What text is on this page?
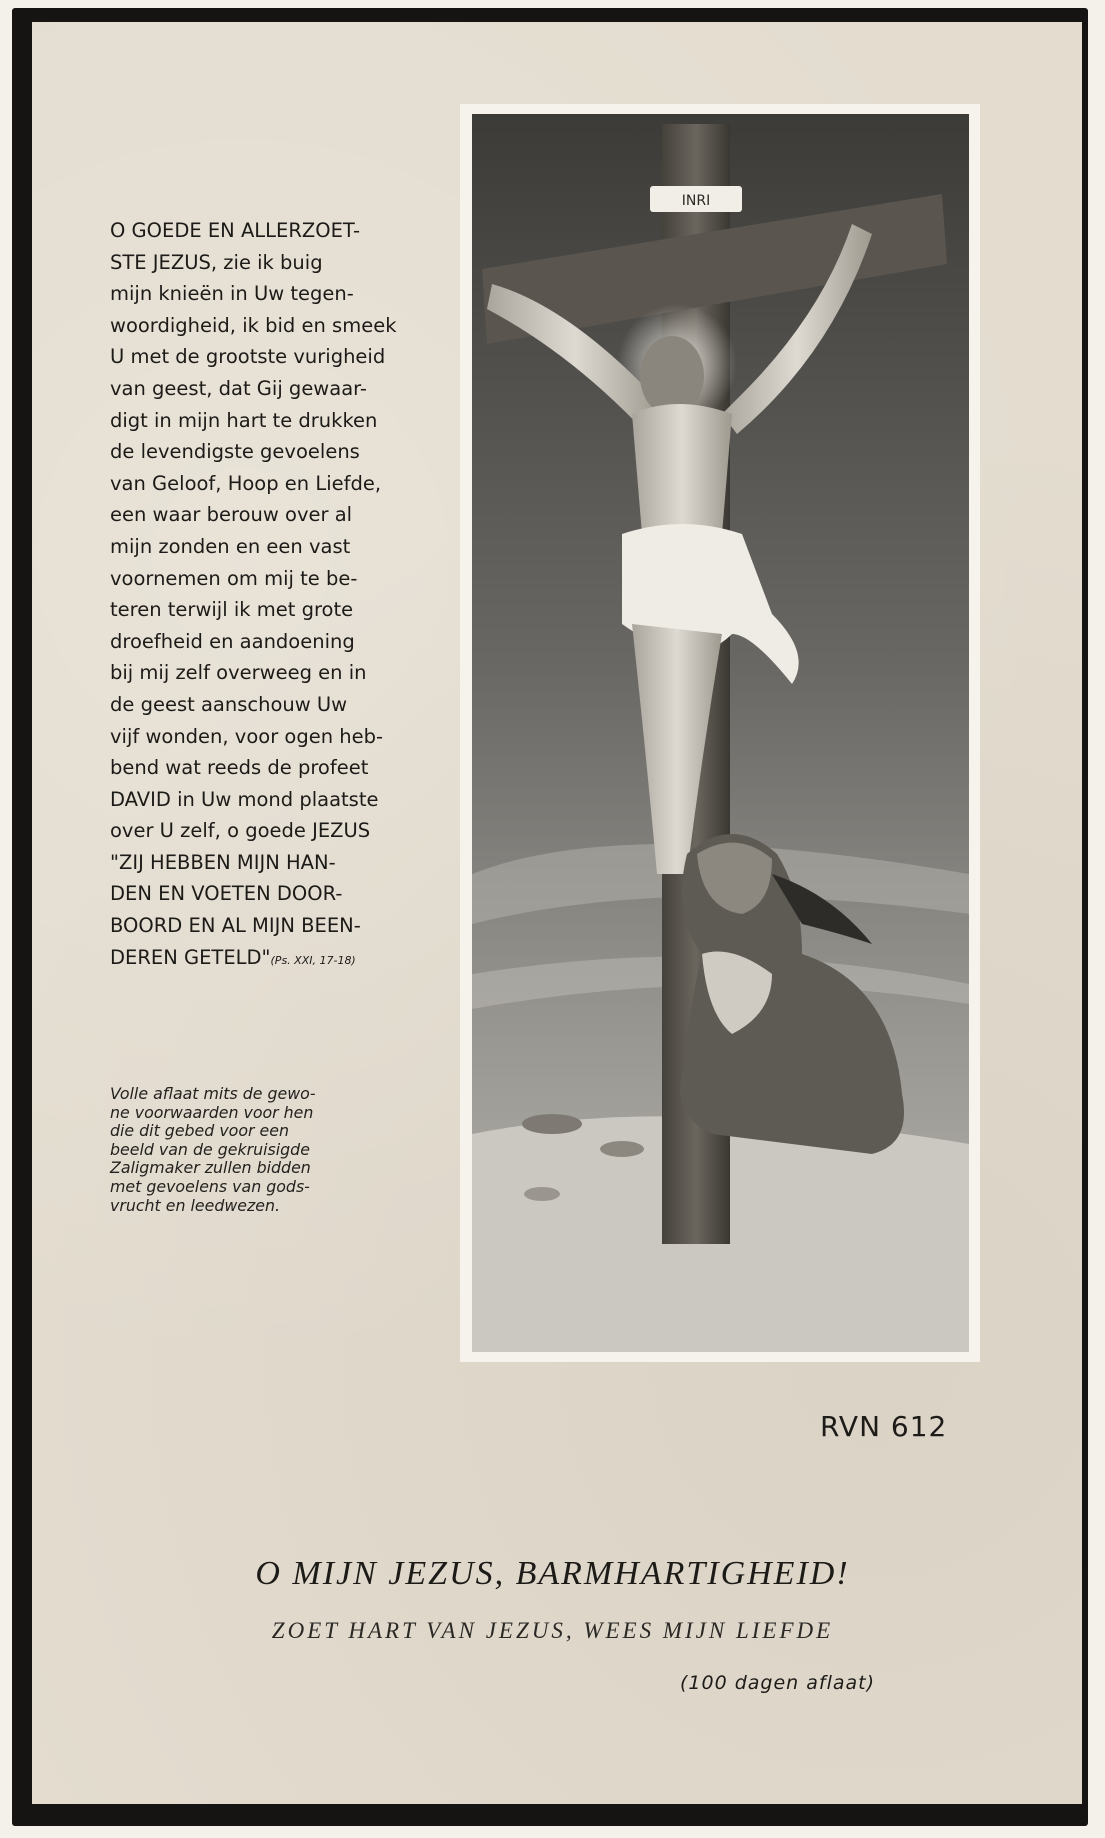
O GOEDE EN ALLERZOET-
STE JEZUS, zie ik buig
mijn knieën in Uw tegen-
woordigheid, ik bid en smeek
U met de grootste vurigheid
van geest, dat Gij gewaar-
digt in mijn hart te drukken
de levendigste gevoelens
van Geloof, Hoop en Liefde,
een waar berouw over al
mijn zonden en een vast
voornemen om mij te be-
teren terwijl ik met grote
droefheid en aandoening
bij mij zelf overweeg en in
de geest aanschouw Uw
vijf wonden, voor ogen heb-
bend wat reeds de profeet
DAVID in Uw mond plaatste
over U zelf, o goede JEZUS
"ZIJ HEBBEN MIJN HAN-
DEN EN VOETEN DOOR-
BOORD EN AL MIJN BEEN-
DEREN GETELD"(Ps. XXI, 17-18)
Volle aflaat mits de gewo-
ne voorwaarden voor hen
die dit gebed voor een
beeld van de gekruisigde
Zaligmaker zullen bidden
met gevoelens van gods-
vrucht en leedwezen.
INRI
RVN 612
O MIJN JEZUS, BARMHARTIGHEID!
ZOET HART VAN JEZUS, WEES MIJN LIEFDE
(100 dagen aflaat)
